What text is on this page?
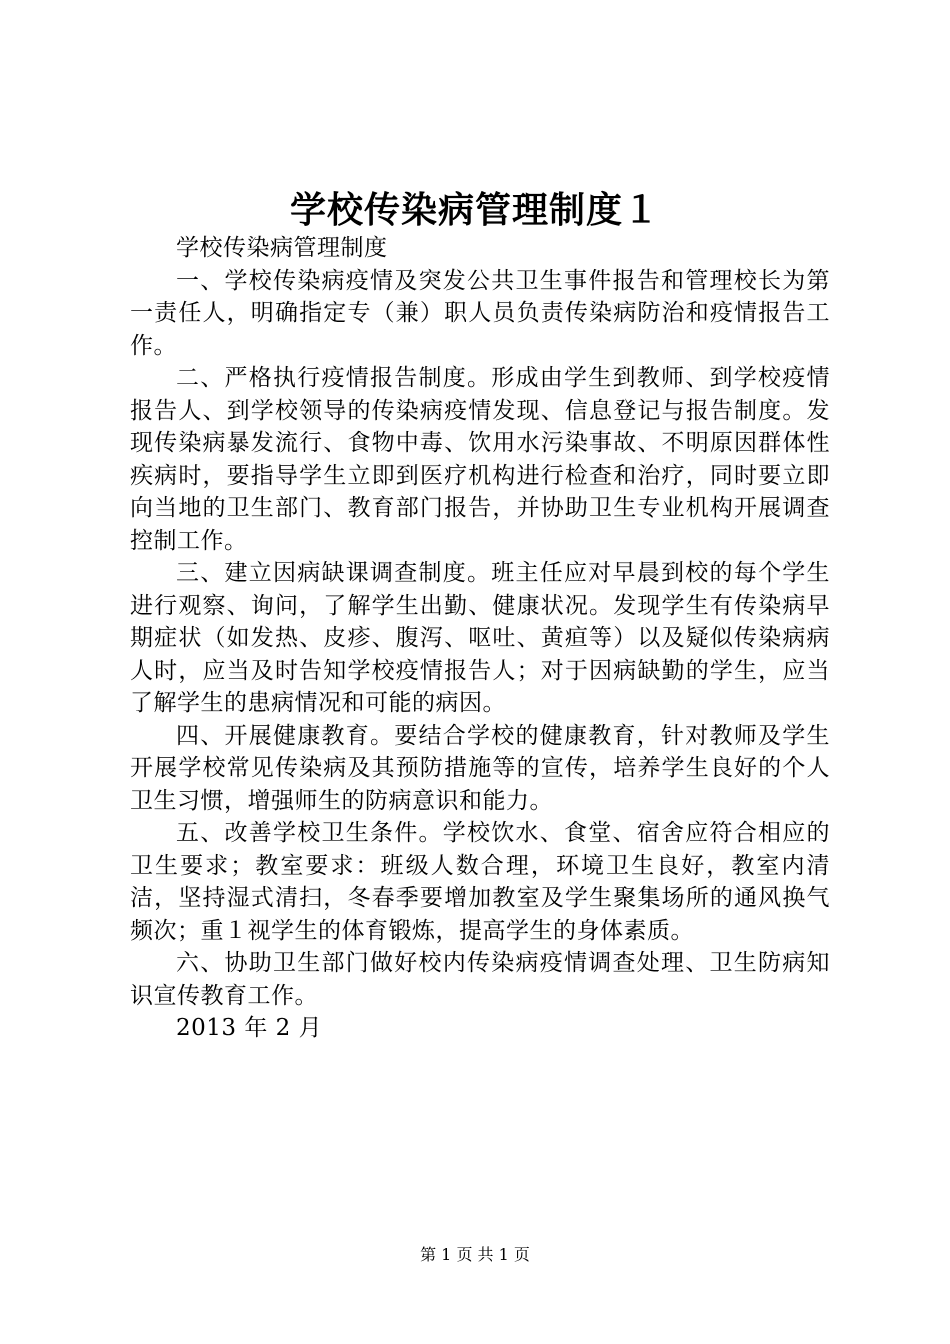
学校传染病管理制度１

学校传染病管理制度

一、学校传染病疫情及突发公共卫生事件报告和管理校长为第一责任人，明确指定专（兼）职人员负责传染病防治和疫情报告工作。

二、严格执行疫情报告制度。形成由学生到教师、到学校疫情报告人、到学校领导的传染病疫情发现、信息登记与报告制度。发现传染病暴发流行、食物中毒、饮用水污染事故、不明原因群体性疾病时，要指导学生立即到医疗机构进行检查和治疗，同时要立即向当地的卫生部门、教育部门报告，并协助卫生专业机构开展调查控制工作。

三、建立因病缺课调查制度。班主任应对早晨到校的每个学生进行观察、询问，了解学生出勤、健康状况。发现学生有传染病早期症状（如发热、皮疹、腹泻、呕吐、黄疸等）以及疑似传染病病人时，应当及时告知学校疫情报告人；对于因病缺勤的学生，应当了解学生的患病情况和可能的病因。

四、开展健康教育。要结合学校的健康教育，针对教师及学生开展学校常见传染病及其预防措施等的宣传，培养学生良好的个人卫生习惯，增强师生的防病意识和能力。

五、改善学校卫生条件。学校饮水、食堂、宿舍应符合相应的卫生要求；教室要求：班级人数合理，环境卫生良好，教室内清洁，坚持湿式清扫，冬春季要增加教室及学生聚集场所的通风换气频次；重１视学生的体育锻炼，提高学生的身体素质。

六、协助卫生部门做好校内传染病疫情调查处理、卫生防病知识宣传教育工作。

2013 年 2 月

第 1 页 共 1 页
